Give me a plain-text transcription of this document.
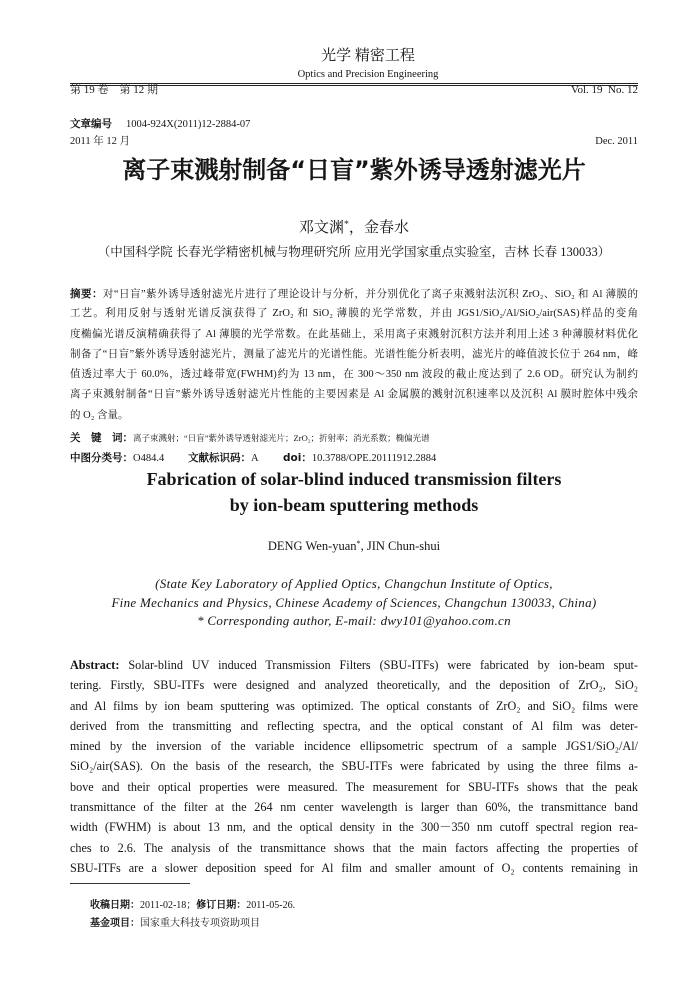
第 19 卷　第 12 期

2011 年 12 月

光学 精密工程
Optics and Precision Engineering

Vol. 19  No. 12

Dec. 2011

文章编号 1004-924X(2011)12-2884-07
离子束溅射制备“日盲”紫外诱导透射滤光片
邓文渊*，金春水
（中国科学院 长春光学精密机械与物理研究所 应用光学国家重点实验室，吉林 长春 130033）
摘要：对“日盲”紫外诱导透射滤光片进行了理论设计与分析，并分别优化了离子束溅射法沉积 ZrO₂、SiO₂ 和 Al 薄膜的
工艺。利用反射与透射光谱反演获得了 ZrO₂ 和 SiO₂ 薄膜的光学常数，并由 JGS1/SiO₂/Al/SiO₂/air(SAS)样品的变角
度椭偏光谱反演精确获得了 Al 薄膜的光学常数。在此基础上，采用离子束溅射沉积方法并利用上述 3 种薄膜材料优化
制备了“日盲”紫外诱导透射滤光片，测量了滤光片的光谱性能。光谱性能分析表明，滤光片的峰值波长位于 264 nm，峰
值透过率大于 60.0%，透过峰带宽(FWHM)约为 13 nm，在 300～350 nm 波段的截止度达到了 2.6 OD。研究认为制约
离子束溅射制备“日盲”紫外诱导透射滤光片性能的主要因素是 Al 金属膜的溅射沉积速率以及沉积 Al 膜时腔体中残余
的 O₂ 含量。
关　键　词：离子束溅射；“日盲”紫外诱导透射滤光片；ZrO₂；折射率；消光系数；椭偏光谱
中图分类号：O484.4 文献标识码：A doi：10.3788/OPE.20111912.2884
Fabrication of solar-blind induced transmission filters
by ion-beam sputtering methods
DENG Wen-yuan*, JIN Chun-shui
(State Key Laboratory of Applied Optics, Changchun Institute of Optics,
Fine Mechanics and Physics, Chinese Academy of Sciences, Changchun 130033, China)
* Corresponding author, E-mail: dwy101@yahoo.com.cn
Abstract: Solar-blind UV induced Transmission Filters (SBU-ITFs) were fabricated by ion-beam sput-
tering. Firstly, SBU-ITFs were designed and analyzed theoretically, and the deposition of ZrO₂, SiO₂
and Al films by ion beam sputtering was optimized. The optical constants of ZrO₂ and SiO₂ films were
derived from the transmitting and reflecting spectra, and the optical constant of Al film was deter-
mined by the inversion of the variable incidence ellipsometric spectrum of a sample JGS1/SiO₂/Al/
SiO₂/air(SAS). On the basis of the research, the SBU-ITFs were fabricated by using the three films a-
bove and their optical properties were measured. The measurement for SBU-ITFs shows that the peak
transmittance of the filter at the 264 nm center wavelength is larger than 60%, the transmittance band
width (FWHM) is about 13 nm, and the optical density in the 300－350 nm cutoff spectral region rea-
ches to 2.6. The analysis of the transmittance shows that the main factors affecting the properties of
SBU-ITFs are a slower deposition speed for Al film and smaller amount of O₂ contents remaining in
收稿日期：2011-02-18；修订日期：2011-05-26.
基金项目：国家重大科技专项资助项目
